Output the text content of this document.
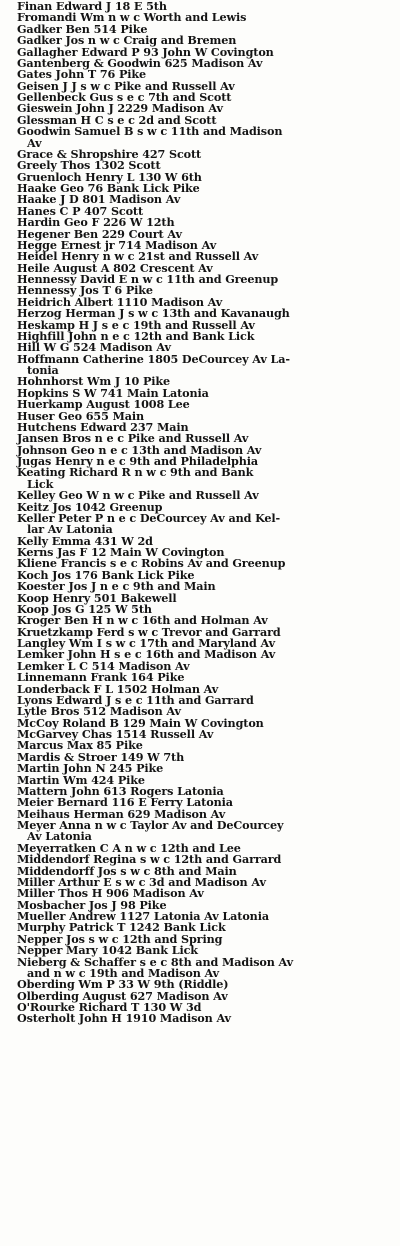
Finan Edward J 18 E 5th
Fromandi Wm n w c Worth and Lewis
Gadker Ben 514 Pike
Gadker Jos n w c Craig and Bremen
Gallagher Edward P 93 John W Covington
Gantenberg & Goodwin 625 Madison Av
Gates John T 76 Pike
Geisen J J s w c Pike and Russell Av
Gellenbeck Gus s e c 7th and Scott
Gieswein John J 2229 Madison Av
Glessman H C s e c 2d and Scott
Goodwin Samuel B s w c 11th and Madison
Av
Grace & Shropshire 427 Scott
Greely Thos 1302 Scott
Gruenloch Henry L 130 W 6th
Haake Geo 76 Bank Lick Pike
Haake J D 801 Madison Av
Hanes C P 407 Scott
Hardin Geo F 226 W 12th
Hegener Ben 229 Court Av
Hegge Ernest jr 714 Madison Av
Heidel Henry n w c 21st and Russell Av
Heile August A 802 Crescent Av
Hennessy David E n w c 11th and Greenup
Hennessy Jos T 6 Pike
Heidrich Albert 1110 Madison Av
Herzog Herman J s w c 13th and Kavanaugh
Heskamp H J s e c 19th and Russell Av
Highfill John n e c 12th and Bank Lick
Hill W G 524 Madison Av
Hoffmann Catherine 1805 DeCourcey Av La-
tonia
Hohnhorst Wm J 10 Pike
Hopkins S W 741 Main Latonia
Huerkamp August 1008 Lee
Huser Geo 655 Main
Hutchens Edward 237 Main
Jansen Bros n e c Pike and Russell Av
Johnson Geo n e c 13th and Madison Av
Jugas Henry n e c 9th and Philadelphia
Keating Richard R n w c 9th and Bank
Lick
Kelley Geo W n w c Pike and Russell Av
Keitz Jos 1042 Greenup
Keller Peter P n e c DeCourcey Av and Kel-
lar Av Latonia
Kelly Emma 431 W 2d
Kerns Jas F 12 Main W Covington
Kliene Francis s e c Robins Av and Greenup
Koch Jos 176 Bank Lick Pike
Koester Jos J n e c 9th and Main
Koop Henry 501 Bakewell
Koop Jos G 125 W 5th
Kroger Ben H n w c 16th and Holman Av
Kruetzkamp Ferd s w c Trevor and Garrard
Langley Wm I s w c 17th and Maryland Av
Lemker John H s e c 16th and Madison Av
Lemker L C 514 Madison Av
Linnemann Frank 164 Pike
Londerback F L 1502 Holman Av
Lyons Edward J s e c 11th and Garrard
Lytle Bros 512 Madison Av
McCoy Roland B 129 Main W Covington
McGarvey Chas 1514 Russell Av
Marcus Max 85 Pike
Mardis & Stroer 149 W 7th
Martin John N 245 Pike
Martin Wm 424 Pike
Mattern John 613 Rogers Latonia
Meier Bernard 116 E Ferry Latonia
Meihaus Herman 629 Madison Av
Meyer Anna n w c Taylor Av and DeCourcey
Av Latonia
Meyerratken C A n w c 12th and Lee
Middendorf Regina s w c 12th and Garrard
Middendorff Jos s w c 8th and Main
Miller Arthur E s w c 3d and Madison Av
Miller Thos H 906 Madison Av
Mosbacher Jos J 98 Pike
Mueller Andrew 1127 Latonia Av Latonia
Murphy Patrick T 1242 Bank Lick
Nepper Jos s w c 12th and Spring
Nepper Mary 1042 Bank Lick
Nieberg & Schaffer s e c 8th and Madison Av
and n w c 19th and Madison Av
Oberding Wm P 33 W 9th (Riddle)
Olberding August 627 Madison Av
O'Rourke Richard T 130 W 3d
Osterholt John H 1910 Madison Av
